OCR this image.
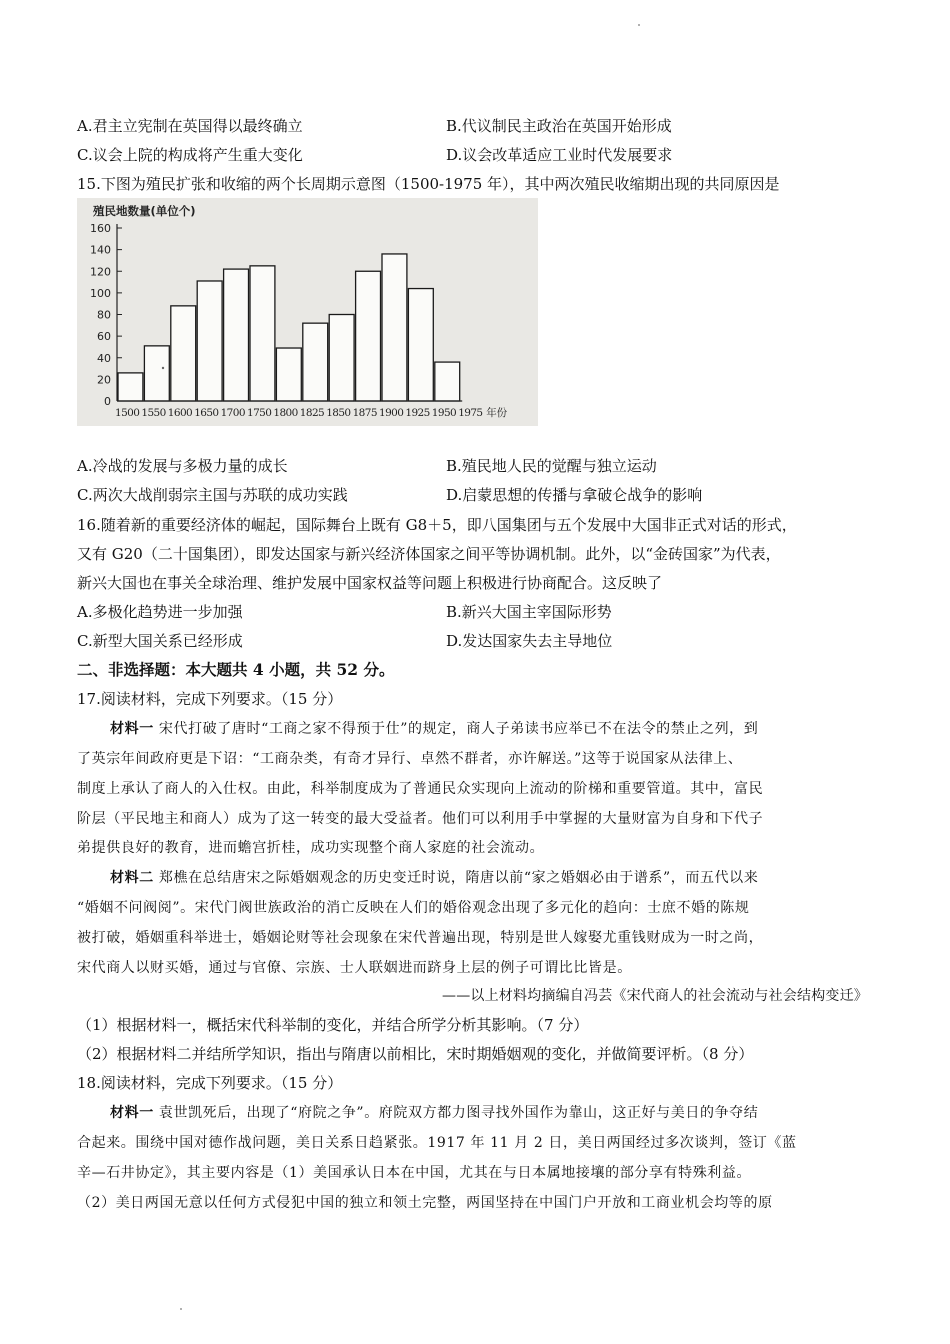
A.君主立宪制在英国得以最终确立	B.代议制民主政治在英国开始形成
C.议会上院的构成将产生重大变化	D.议会改革适应工业时代发展要求
15.下图为殖民扩张和收缩的两个长周期示意图（1500-1975 年），其中两次殖民收缩期出现的共同原因是
殖民地数量(单位个)
0
20
40
60
80
100
120
140
160
1500 1550 1600 1650 1700 1750 1800 1825 1850 1875 1900 1925 1950 1975 年份
A.冷战的发展与多极力量的成长	B.殖民地人民的觉醒与独立运动
C.两次大战削弱宗主国与苏联的成功实践	D.启蒙思想的传播与拿破仑战争的影响
16.随着新的重要经济体的崛起，国际舞台上既有 G8＋5，即八国集团与五个发展中大国非正式对话的形式，
又有 G20（二十国集团），即发达国家与新兴经济体国家之间平等协调机制。此外，以“金砖国家”为代表，
新兴大国也在事关全球治理、维护发展中国家权益等问题上积极进行协商配合。这反映了
A.多极化趋势进一步加强	B.新兴大国主宰国际形势
C.新型大国关系已经形成	D.发达国家失去主导地位
二、非选择题：本大题共 4 小题，共 52 分。
17.阅读材料，完成下列要求。（15 分）
材料一 宋代打破了唐时“工商之家不得预于仕”的规定，商人子弟读书应举已不在法令的禁止之列，到
了英宗年间政府更是下诏：“工商杂类，有奇才异行、卓然不群者，亦许解送。”这等于说国家从法律上、
制度上承认了商人的入仕权。由此，科举制度成为了普通民众实现向上流动的阶梯和重要管道。其中，富民
阶层（平民地主和商人）成为了这一转变的最大受益者。他们可以利用手中掌握的大量财富为自身和下代子
弟提供良好的教育，进而蟾宫折桂，成功实现整个商人家庭的社会流动。
材料二 郑樵在总结唐宋之际婚姻观念的历史变迁时说，隋唐以前“家之婚姻必由于谱系”，而五代以来
“婚姻不问阀阅”。宋代门阀世族政治的消亡反映在人们的婚俗观念出现了多元化的趋向：士庶不婚的陈规
被打破，婚姻重科举进士，婚姻论财等社会现象在宋代普遍出现，特别是世人嫁娶尤重钱财成为一时之尚，
宋代商人以财买婚，通过与官僚、宗族、士人联姻进而跻身上层的例子可谓比比皆是。
——以上材料均摘编自冯芸《宋代商人的社会流动与社会结构变迁》
（1）根据材料一，概括宋代科举制的变化，并结合所学分析其影响。（7 分）
（2）根据材料二并结所学知识，指出与隋唐以前相比，宋时期婚姻观的变化，并做简要评析。（8 分）
18.阅读材料，完成下列要求。（15 分）
材料一 袁世凯死后，出现了“府院之争”。府院双方都力图寻找外国作为靠山，这正好与美日的争夺结
合起来。围绕中国对德作战问题，美日关系日趋紧张。1917 年 11 月 2 日，美日两国经过多次谈判，签订《蓝
辛—石井协定》，其主要内容是（1）美国承认日本在中国，尤其在与日本属地接壤的部分享有特殊利益。
（2）美日两国无意以任何方式侵犯中国的独立和领土完整，两国坚持在中国门户开放和工商业机会均等的原
